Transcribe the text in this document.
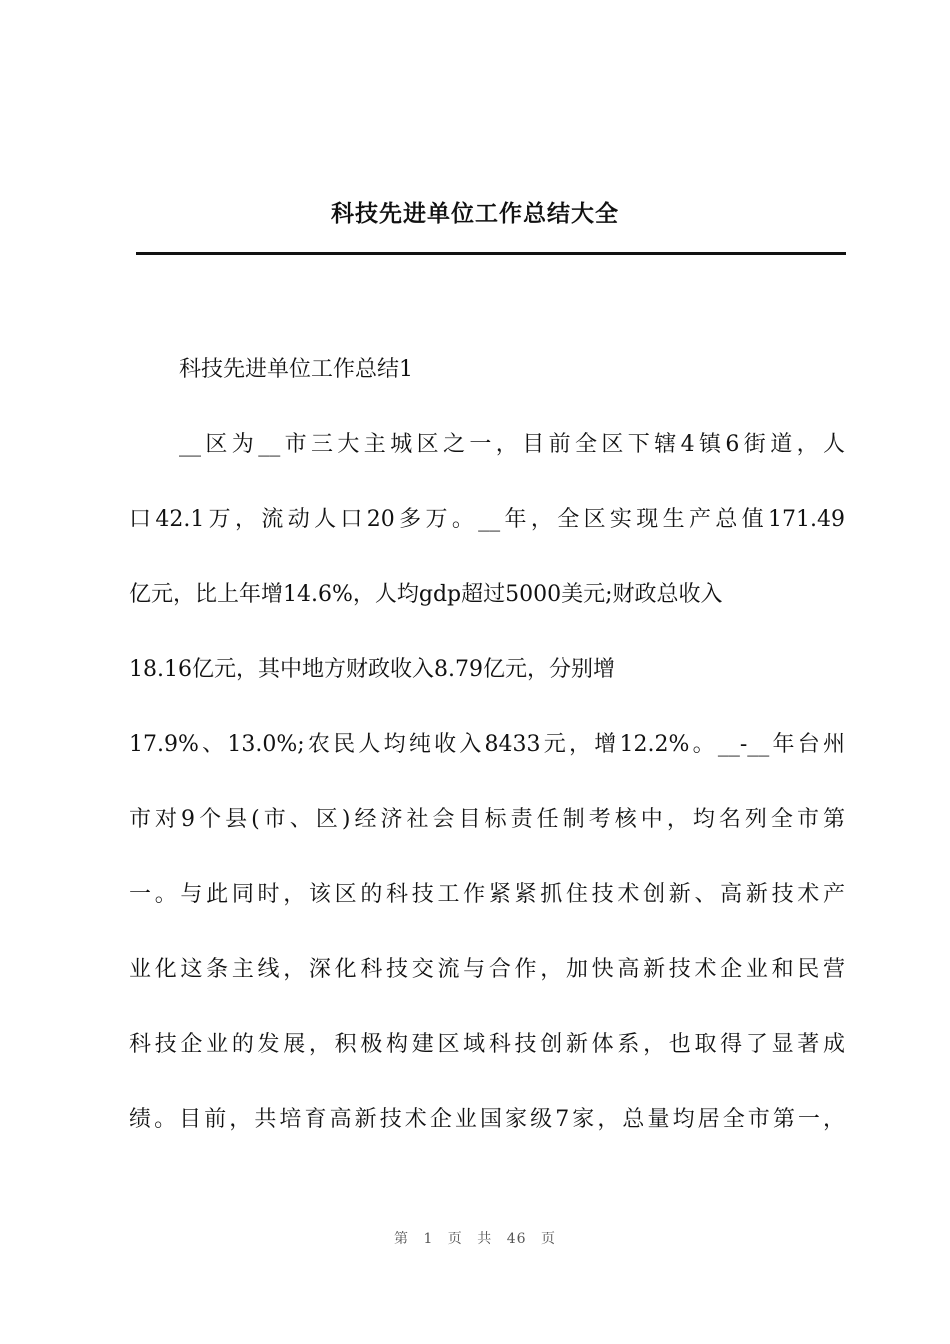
科技先进单位工作总结大全
科技先进单位工作总结1
__区为__市三大主城区之一，目前全区下辖4镇6街道，人
口42.1万，流动人口20多万。__年，全区实现生产总值171.49
亿元，比上年增14.6%，人均gdp超过5000美元;财政总收入
18.16亿元，其中地方财政收入8.79亿元，分别增
17.9%、13.0%;农民人均纯收入8433元，增12.2%。__-__年台州
市对9个县(市、区)经济社会目标责任制考核中，均名列全市第
一。与此同时，该区的科技工作紧紧抓住技术创新、高新技术产
业化这条主线，深化科技交流与合作，加快高新技术企业和民营
科技企业的发展，积极构建区域科技创新体系，也取得了显著成
绩。目前，共培育高新技术企业国家级7家，总量均居全市第一，
第 1 页 共 46 页
